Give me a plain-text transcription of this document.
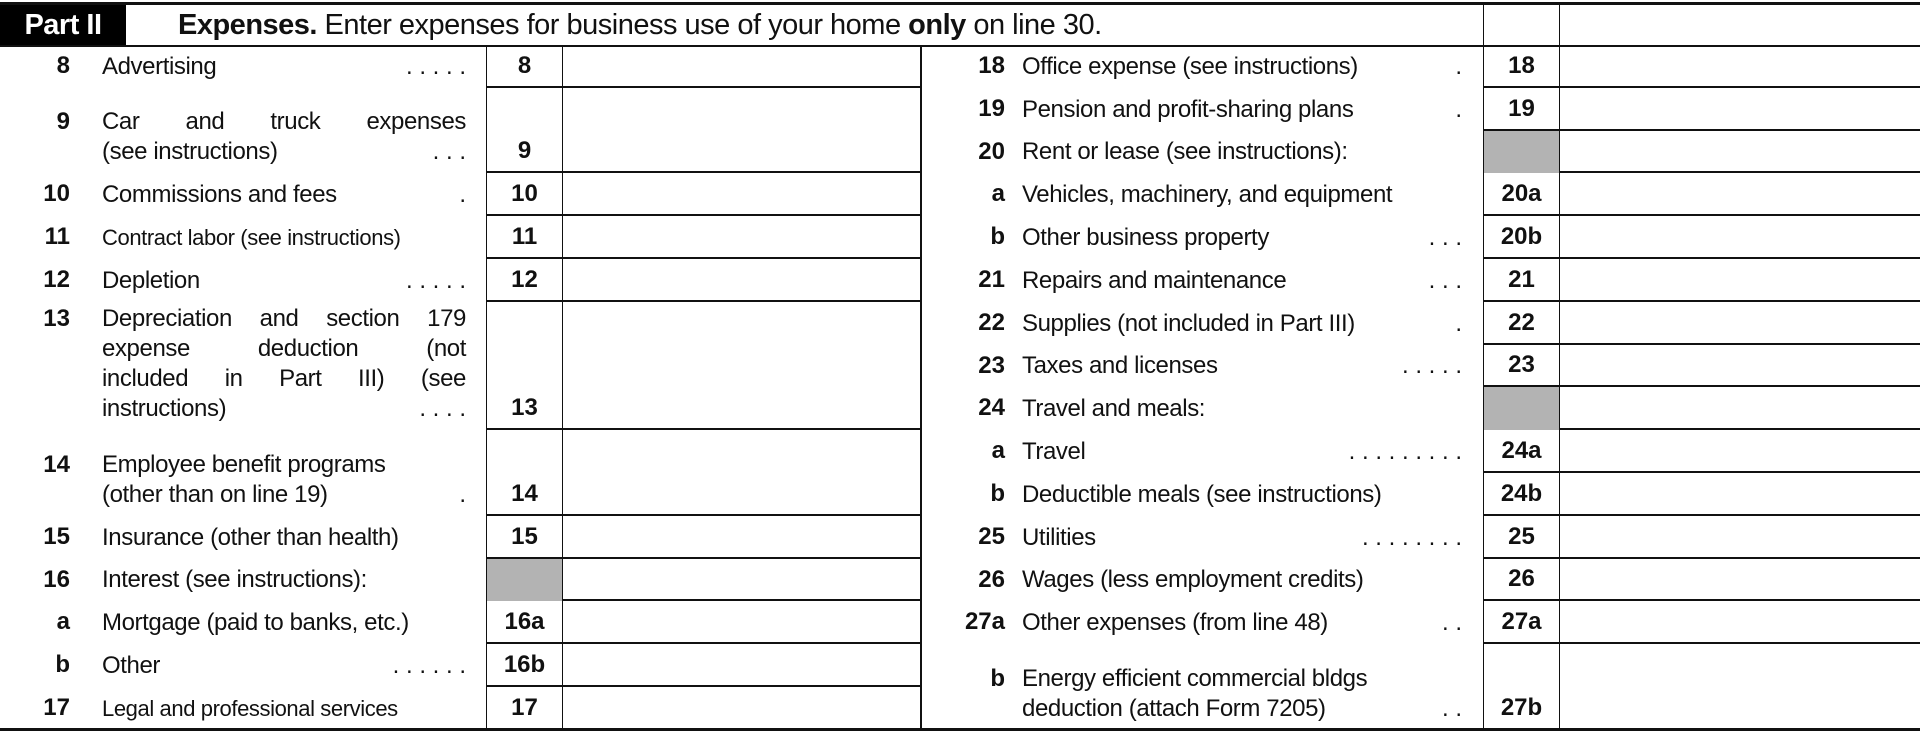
Part II	Expenses. Enter expenses for business use of your home only on line 30.
8 Advertising	. . . . . 8
9 Car and truck expenses
(see instructions)	. . . 9
10 Commissions and fees	. 10
11 Contract labor (see instructions)	11
12 Depletion	. . . . . 12
13 Depreciation and section 179
expense deduction (not
included in Part III) (see
instructions)	. . . . 13
14 Employee benefit programs
(other than on line 19)	. 14
15 Insurance (other than health)	15
16 Interest (see instructions):
a Mortgage (paid to banks, etc.)	16a
b Other	. . . . . . 16b
17 Legal and professional services	17
18 Office expense (see instructions)	. 18
19 Pension and profit-sharing plans	. 19
20 Rent or lease (see instructions):
a Vehicles, machinery, and equipment	20a
b Other business property	. . . 20b
21 Repairs and maintenance	. . . 21
22 Supplies (not included in Part III)	. 22
23 Taxes and licenses	. . . . . 23
24 Travel and meals:
a Travel	. . . . . . . . . 24a
b Deductible meals (see instructions)	24b
25 Utilities	. . . . . . . . 25
26 Wages (less employment credits)	26
27a Other expenses (from line 48)	. . 27a
b Energy efficient commercial bldgs
deduction (attach Form 7205)	. . 27b
